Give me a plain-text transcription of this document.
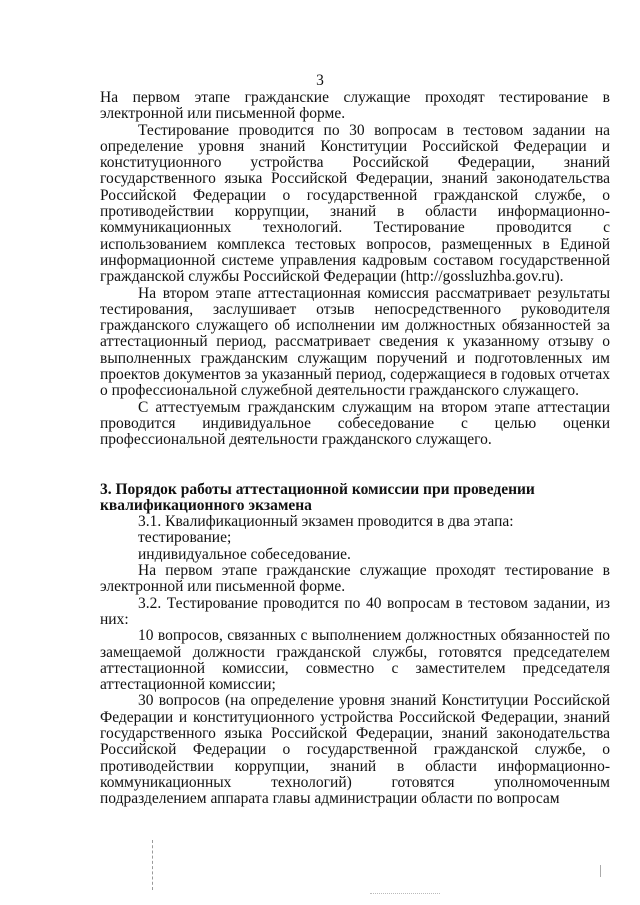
3

На первом этапе гражданские служащие проходят тестирование в электронной или письменной форме.

Тестирование проводится по 30 вопросам в тестовом задании на определение уровня знаний Конституции Российской Федерации и конституционного устройства Российской Федерации, знаний государственного языка Российской Федерации, знаний законодательства Российской Федерации о государственной гражданской службе, о противодействии коррупции, знаний в области информационно-коммуникационных технологий. Тестирование проводится с использованием комплекса тестовых вопросов, размещенных в Единой информационной системе управления кадровым составом государственной гражданской службы Российской Федерации (http://gossluzhba.gov.ru).

На втором этапе аттестационная комиссия рассматривает результаты тестирования, заслушивает отзыв непосредственного руководителя гражданского служащего об исполнении им должностных обязанностей за аттестационный период, рассматривает сведения к указанному отзыву о выполненных гражданским служащим поручений и подготовленных им проектов документов за указанный период, содержащиеся в годовых отчетах о профессиональной служебной деятельности гражданского служащего.

С аттестуемым гражданским служащим на втором этапе аттестации проводится индивидуальное собеседование с целью оценки профессиональной деятельности гражданского служащего.

3. Порядок работы аттестационной комиссии при проведении

квалификационного экзамена

3.1. Квалификационный экзамен проводится в два этапа:

тестирование;

индивидуальное собеседование.

На первом этапе гражданские служащие проходят тестирование в электронной или письменной форме.

3.2. Тестирование проводится по 40 вопросам в тестовом задании, из них:

10 вопросов, связанных с выполнением должностных обязанностей по замещаемой должности гражданской службы, готовятся председателем аттестационной комиссии, совместно с заместителем председателя аттестационной комиссии;

30 вопросов (на определение уровня знаний Конституции Российской Федерации и конституционного устройства Российской Федерации, знаний государственного языка Российской Федерации, знаний законодательства Российской Федерации о государственной гражданской службе, о противодействии коррупции, знаний в области информационно-коммуникационных технологий) готовятся уполномоченным подразделением аппарата главы администрации области по вопросам
